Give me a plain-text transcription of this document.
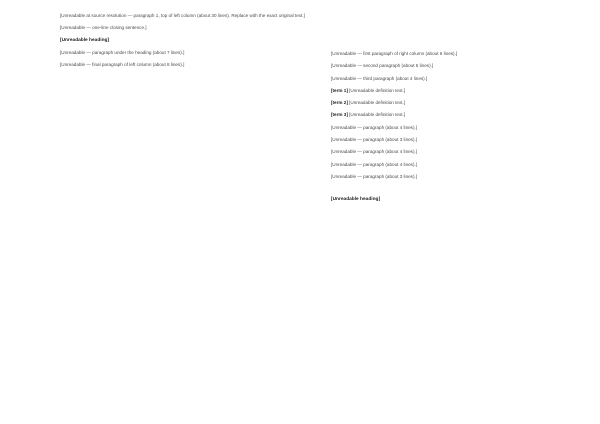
[Unreadable at source resolution — paragraph 1, top of left column (about 30 lines). Replace with the exact original text.]

[Unreadable — one-line closing sentence.]

[Unreadable heading]

[Unreadable — paragraph under the heading (about 7 lines).]

[Unreadable — final paragraph of left column (about 8 lines).]

[Unreadable — first paragraph of right column (about 6 lines).]

[Unreadable — second paragraph (about 5 lines).]

[Unreadable — third paragraph (about 4 lines).]

[term 1] [Unreadable definition text.]

[term 2] [Unreadable definition text.]

[term 3] [Unreadable definition text.]

[Unreadable — paragraph (about 4 lines).]

[Unreadable — paragraph (about 3 lines).]

[Unreadable — paragraph (about 4 lines).]

[Unreadable — paragraph (about 4 lines).]

[Unreadable — paragraph (about 3 lines).]

[Unreadable heading]
